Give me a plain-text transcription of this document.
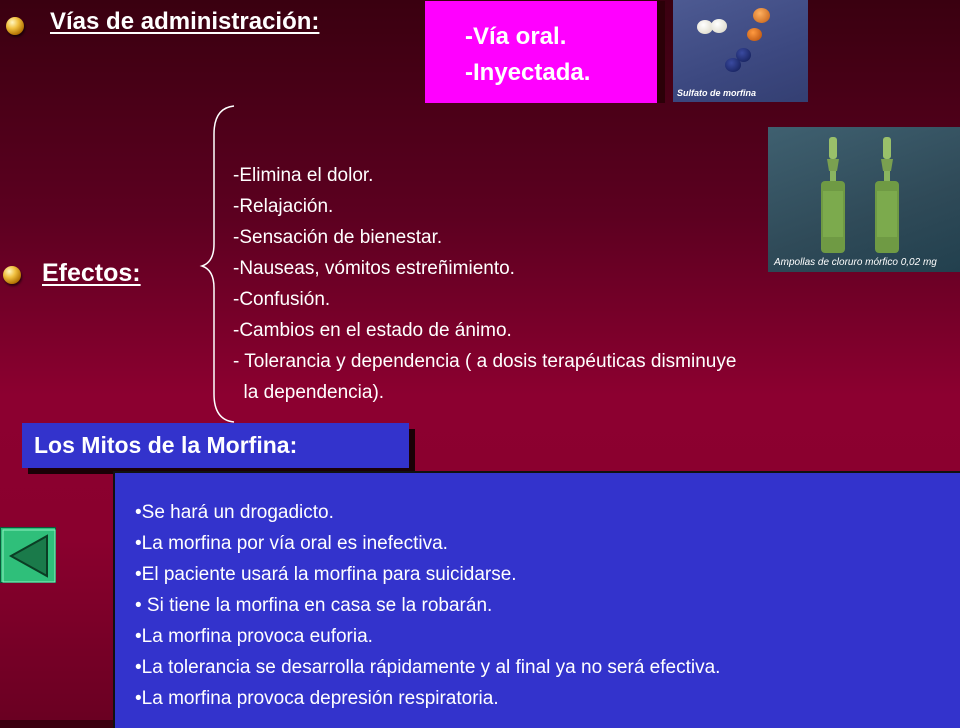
Vías de administración:
-Vía oral.
-Inyectada.
Sulfato de morfina
Ampollas de cloruro mórfico 0,02 mg
Efectos:
-Elimina el dolor.
-Relajación.
-Sensación de bienestar.
-Nauseas, vómitos estreñimiento.
-Confusión.
-Cambios en el estado de ánimo.
- Tolerancia y dependencia ( a dosis terapéuticas disminuye
la dependencia).
Los Mitos de la Morfina:
•Se hará un drogadicto.
•La morfina por vía oral es inefectiva.
•El paciente usará la morfina para suicidarse.
• Si tiene la morfina en casa se la robarán.
•La morfina provoca euforia.
•La tolerancia se desarrolla rápidamente y al final ya no será efectiva.
•La morfina provoca depresión respiratoria.
